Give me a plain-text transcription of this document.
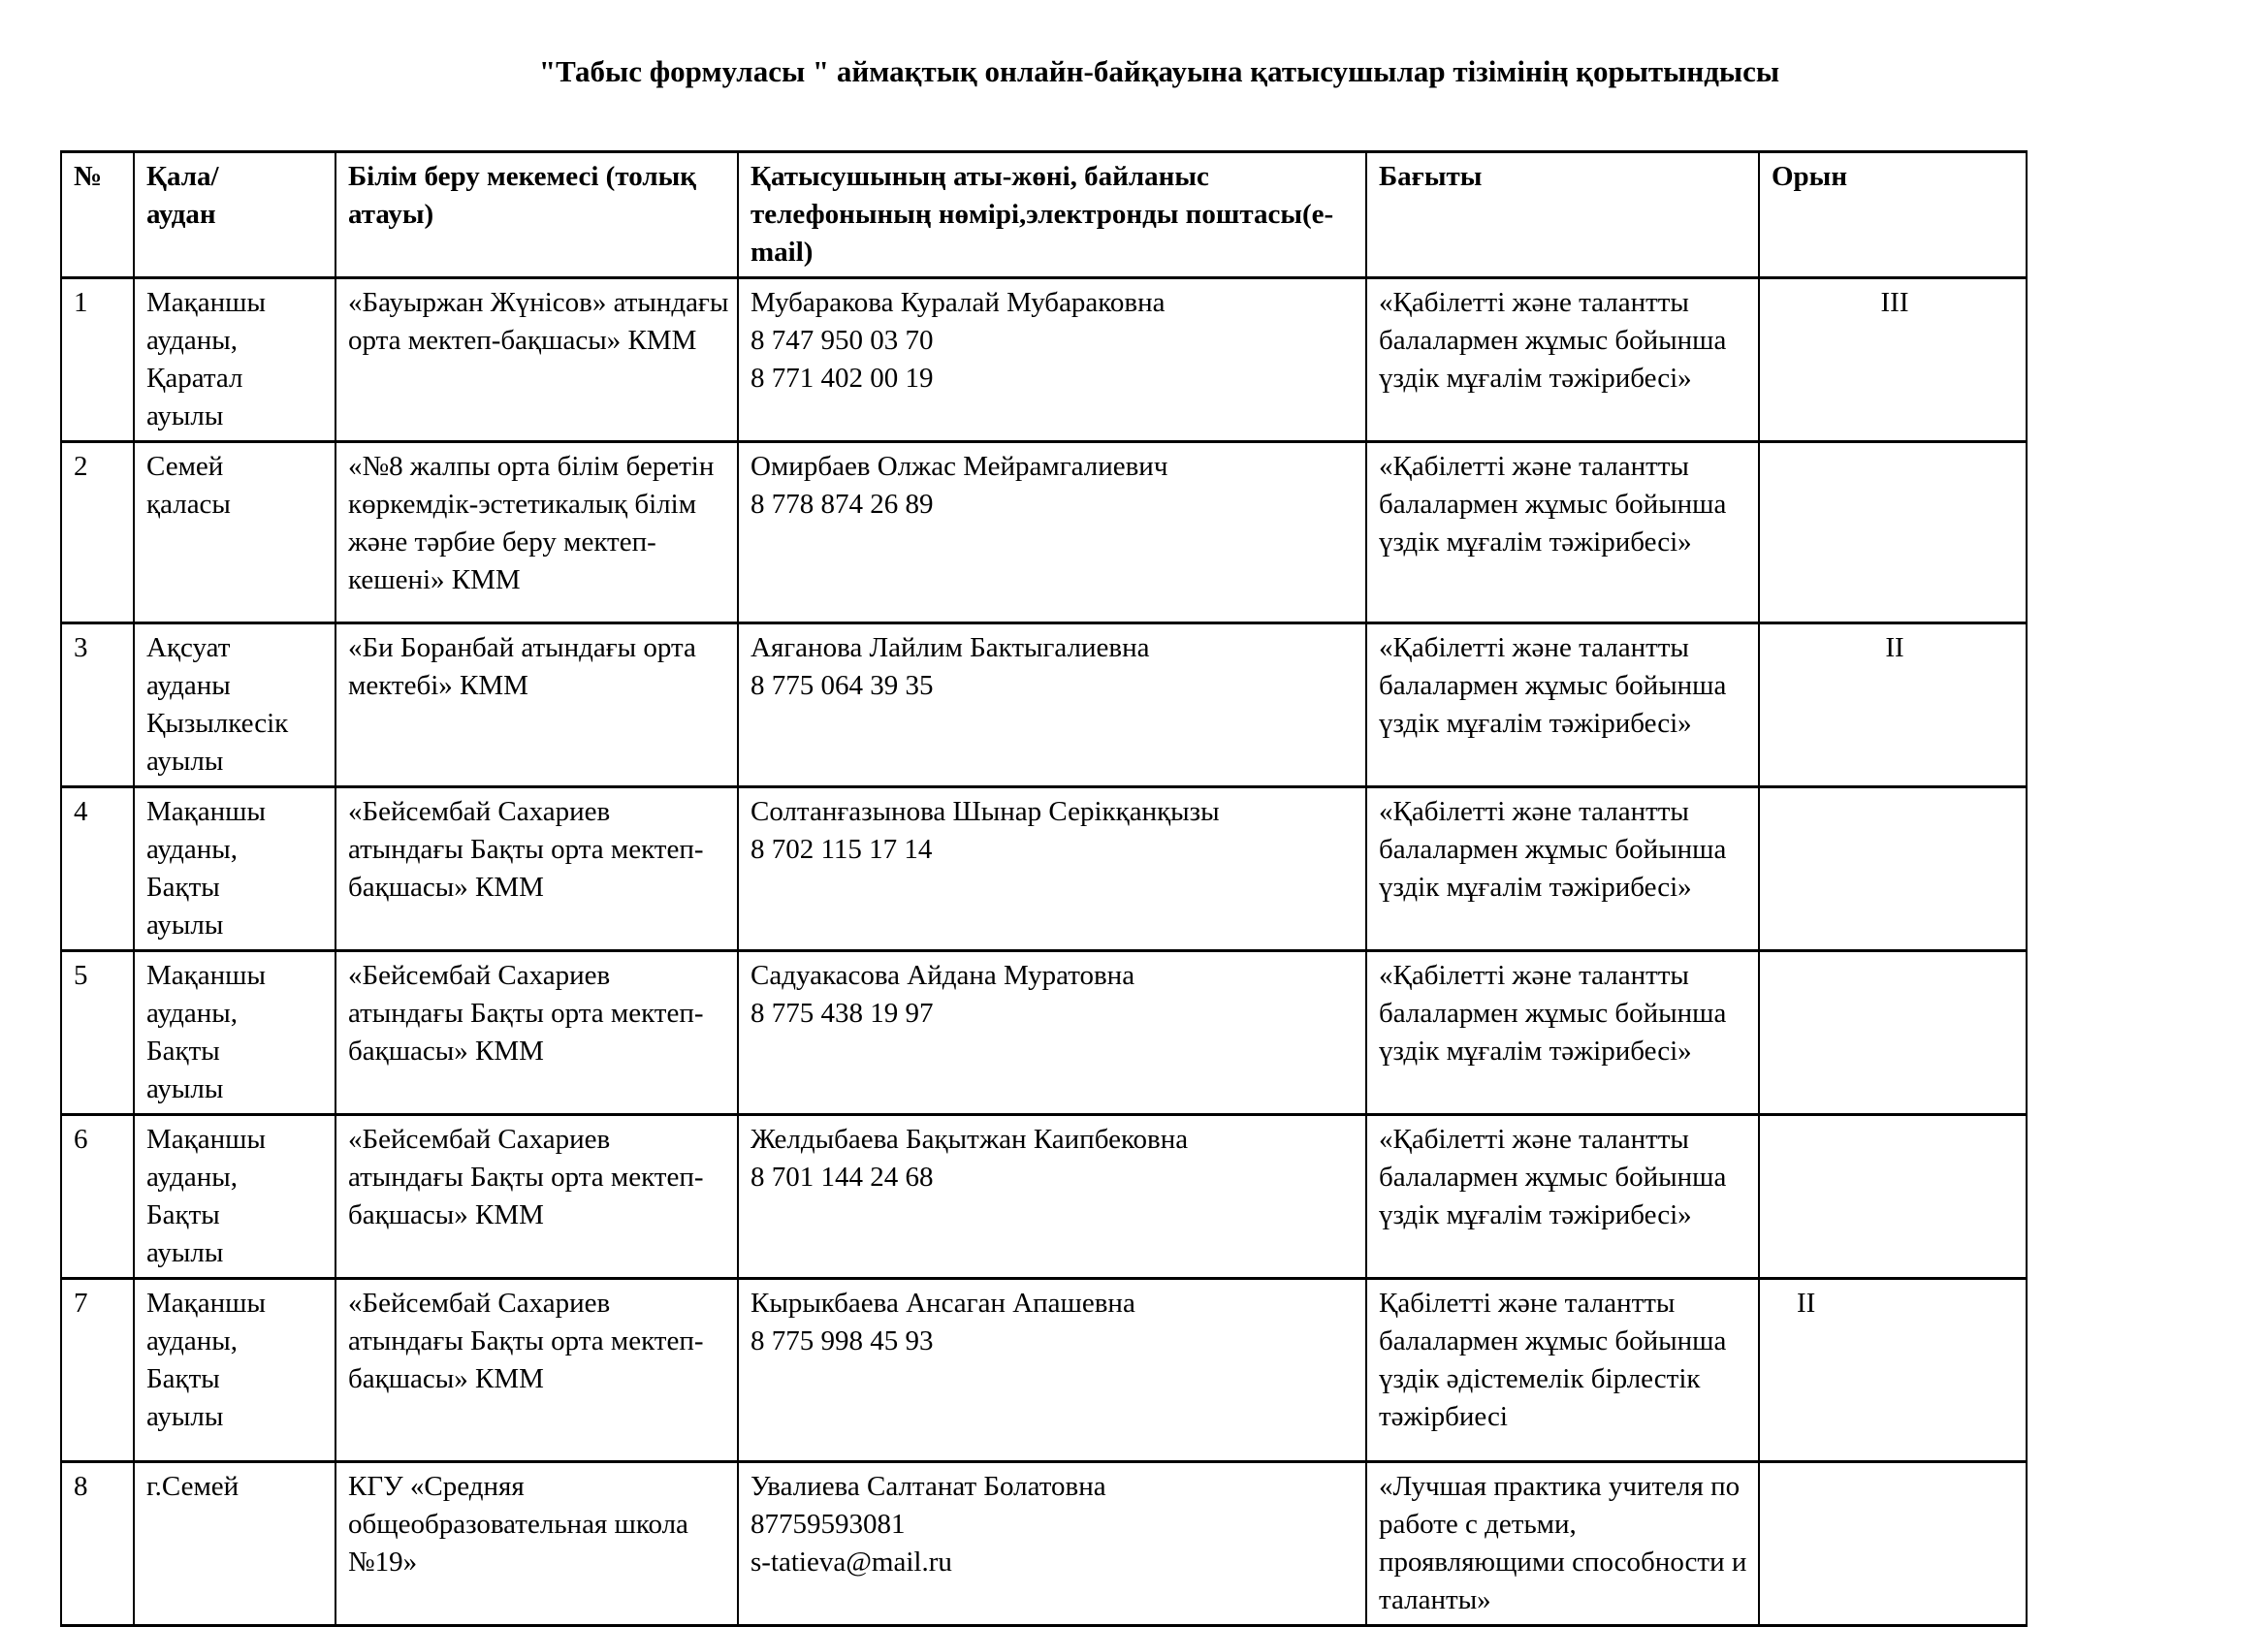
"Табыс формуласы " аймақтық онлайн-байқауына қатысушылар тізімінің қорытындысы
№	Қала/аудан	Білім беру мекемесі (толық атауы)	Қатысушының аты-жөні, байланыс телефонының нөмірі,электронды поштасы(e-mail)	Бағыты	Орын
1	Мақаншы ауданы, Қаратал ауылы	«Бауыржан Жүнісов» атындағы орта мектеп-бақшасы» КММ	Мубаракова Куралай Мубараковна
8 747 950 03 70
8 771 402 00 19	«Қабілетті және талантты балалармен жұмыс бойынша үздік мұғалім тәжірибесі»	III
2	Семей қаласы	«№8 жалпы орта білім беретін көркемдік-эстетикалық білім және тәрбие беру мектеп-кешені» КММ	Омирбаев Олжас Мейрамгалиевич
8 778 874 26 89	«Қабілетті және талантты балалармен жұмыс бойынша үздік мұғалім тәжірибесі»	
3	Ақсуат ауданы Қызылкесік ауылы	«Би Боранбай атындағы орта мектебі» КММ	Аяганова Лайлим Бактыгалиевна
8 775 064 39 35	«Қабілетті және талантты балалармен жұмыс бойынша үздік мұғалім тәжірибесі»	II
4	Мақаншы ауданы, Бақты ауылы	«Бейсембай Сахариев атындағы Бақты орта мектеп-бақшасы» КММ	Солтанғазынова Шынар Серікқанқызы
8 702 115 17 14	«Қабілетті және талантты балалармен жұмыс бойынша үздік мұғалім тәжірибесі»	
5	Мақаншы ауданы, Бақты ауылы	«Бейсембай Сахариев атындағы Бақты орта мектеп-бақшасы» КММ	Садуакасова Айдана Муратовна
8 775 438 19 97	«Қабілетті және талантты балалармен жұмыс бойынша үздік мұғалім тәжірибесі»	
6	Мақаншы ауданы, Бақты ауылы	«Бейсембай Сахариев атындағы Бақты орта мектеп-бақшасы» КММ	Желдыбаева Бақытжан Каипбековна
8 701 144 24 68	«Қабілетті және талантты балалармен жұмыс бойынша үздік мұғалім тәжірибесі»	
7	Мақаншы ауданы, Бақты ауылы	«Бейсембай Сахариев атындағы Бақты орта мектеп-бақшасы» КММ	Кырыкбаева Ансаган Апашевна
8 775 998 45 93	Қабілетті және талантты балалармен жұмыс бойынша үздік әдістемелік бірлестік тәжірбиесі	II
8	г.Семей	КГУ «Средняя общеобразовательная школа №19»	Увалиева Салтанат Болатовна
87759593081
s-tatieva@mail.ru	«Лучшая практика учителя по работе с детьми, проявляющими способности и таланты»	
